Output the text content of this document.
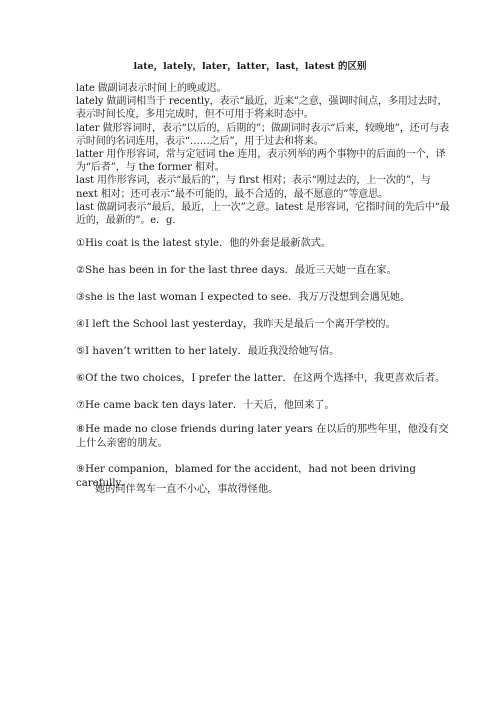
late，lately，later，latter，last，latest 的区别

late 做副词表示时间上的晚或迟。

lately 做副词相当于 recently，表示“最近，近来”之意，强调时间点，多用过去时，表示时间长度，多用完成时，但不可用于将来时态中。

later 做形容词时，表示“以后的，后期的”；做副词时表示“后来，较晚地”，还可与表示时间的名词连用，表示“……之后”，用于过去和将来。

latter 用作形容词，常与定冠词 the 连用，表示列举的两个事物中的后面的一个，译为“后者”，与 the former 相对。

last 用作形容词，表示“最后的”，与 first 相对；表示“刚过去的，上一次的”，与 next 相对；还可表示“最不可能的，最不合适的，最不愿意的”等意思。

last 做副词表示“最后，最近，上一次”之意。latest 是形容词，它指时间的先后中“最近的，最新的”。e．g．

①His coat is the latest style．他的外套是最新款式。

②She has been in for the last three days．最近三天她一直在家。

③she is the last woman I expected to see．我万万没想到会遇见她。

④I left the School last yesterday，我昨天是最后一个离开学校的。

⑤I haven’t written to her lately．最近我没给她写信。

⑥Of the two choices，I prefer the latter．在这两个选择中，我更喜欢后者。

⑦He came back ten days later．十天后，他回来了。

⑧He made no close friends during later years 在以后的那些年里，他没有交上什么亲密的朋友。

⑨Her companion，blamed for the accident，had not been driving carefully．

她的同伴驾车一直不小心，事故得怪他。
